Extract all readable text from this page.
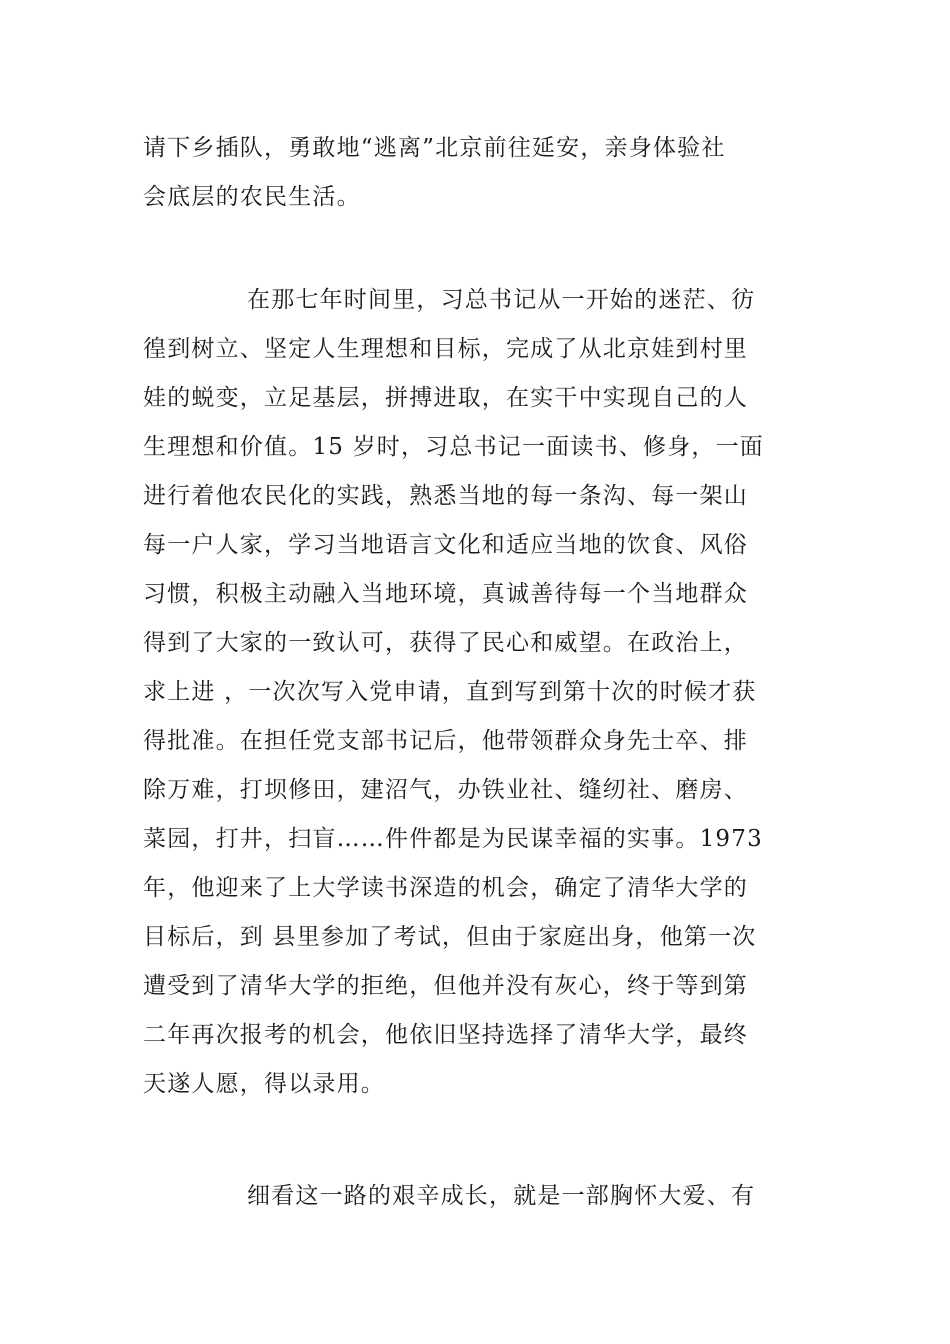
请下乡插队，勇敢地“逃离”北京前往延安，亲身体验社
会底层的农民生活。
在那七年时间里，习总书记从一开始的迷茫、彷
徨到树立、坚定人生理想和目标，完成了从北京娃到村里
娃的蜕变，立足基层，拼搏进取，在实干中实现自己的人
生理想和价值。15 岁时，习总书记一面读书、修身，一面
进行着他农民化的实践，熟悉当地的每一条沟、每一架山
每一户人家，学习当地语言文化和适应当地的饮食、风俗
习惯，积极主动融入当地环境，真诚善待每一个当地群众
得到了大家的一致认可，获得了民心和威望。在政治上，
求上进 ，一次次写入党申请，直到写到第十次的时候才获
得批准。在担任党支部书记后，他带领群众身先士卒、排
除万难，打坝修田，建沼气，办铁业社、缝纫社、磨房、
菜园，打井，扫盲……件件都是为民谋幸福的实事。1973
年，他迎来了上大学读书深造的机会，确定了清华大学的
目标后，到 县里参加了考试，但由于家庭出身，他第一次
遭受到了清华大学的拒绝，但他并没有灰心，终于等到第
二年再次报考的机会，他依旧坚持选择了清华大学，最终
天遂人愿，得以录用。
细看这一路的艰辛成长，就是一部胸怀大爱、有
